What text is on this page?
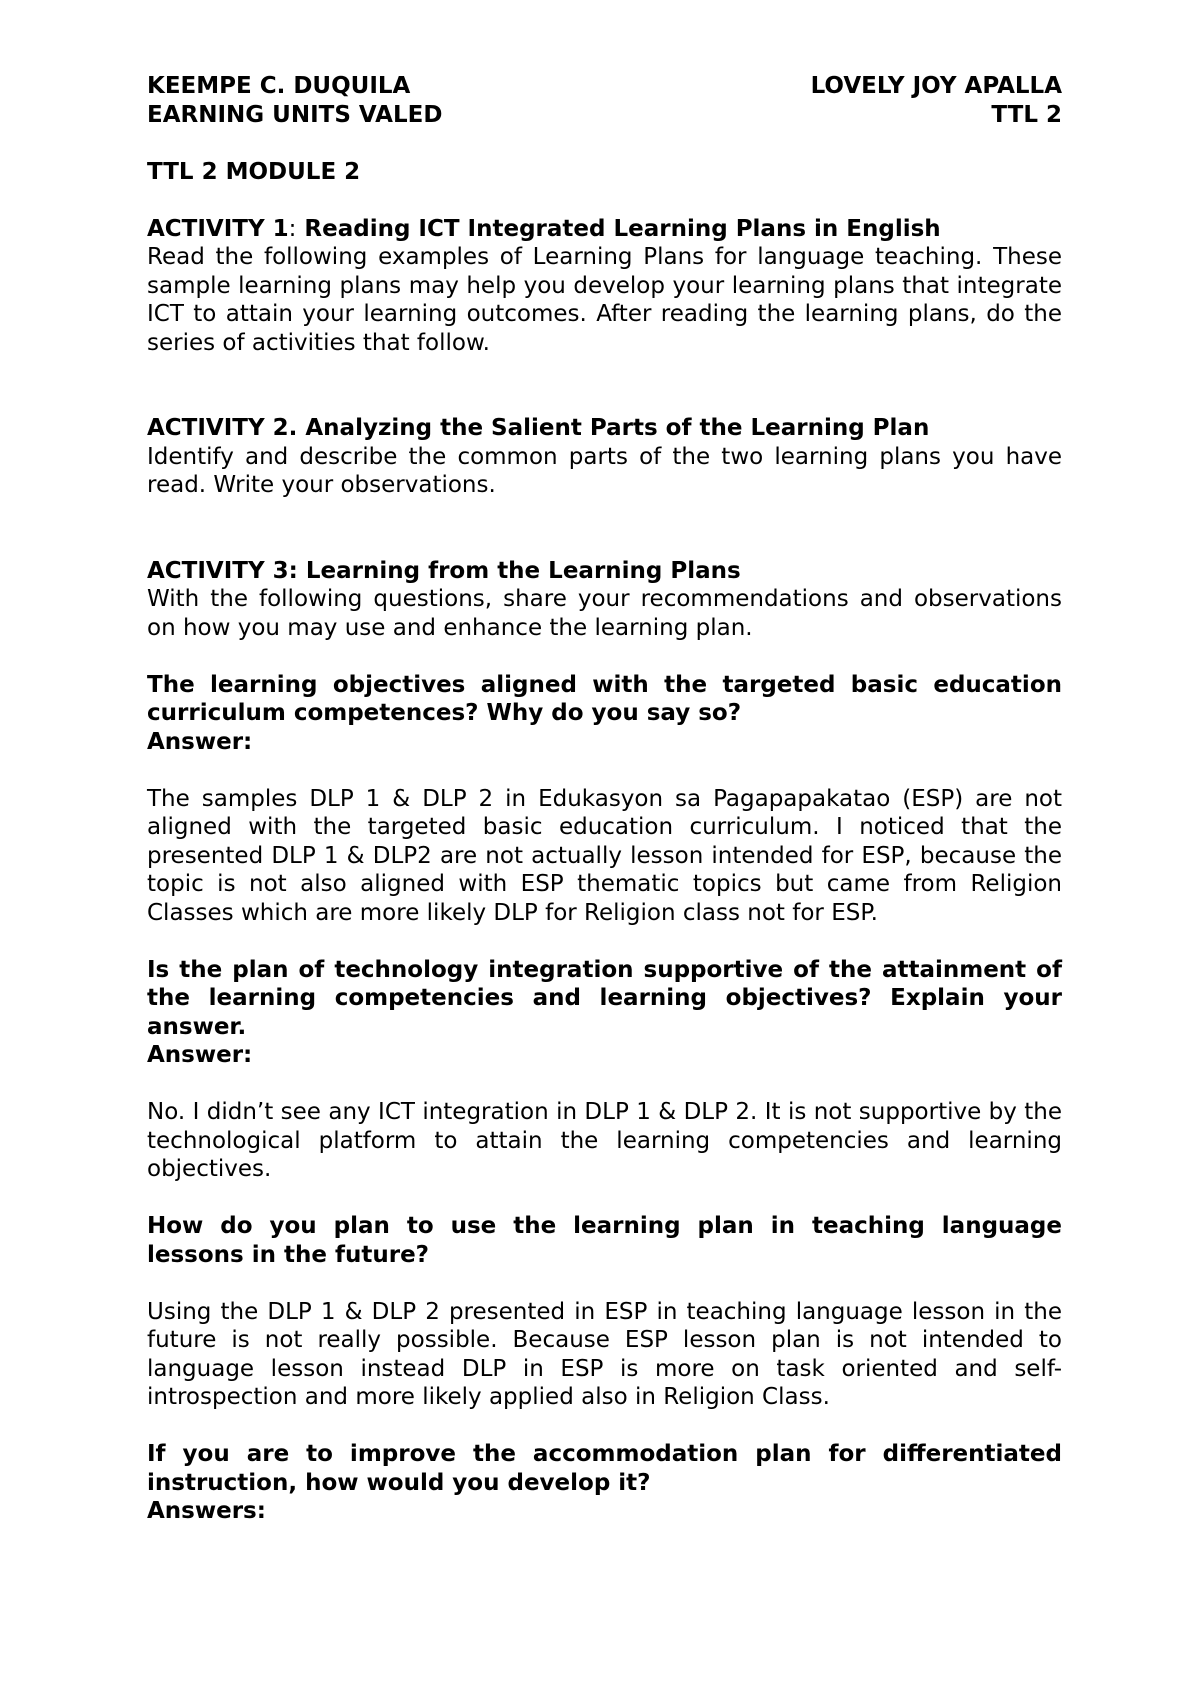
KEEMPE C. DUQUILA	LOVELY JOY APALLA
EARNING UNITS VALED	TTL 2

TTL 2 MODULE 2

ACTIVITY 1: Reading ICT Integrated Learning Plans in English

Read the following examples of Learning Plans for language teaching. These sample learning plans may help you develop your learning plans that integrate ICT to attain your learning outcomes. After reading the learning plans, do the series of activities that follow.

ACTIVITY 2. Analyzing the Salient Parts of the Learning Plan

Identify and describe the common parts of the two learning plans you have read. Write your observations.

ACTIVITY 3: Learning from the Learning Plans

With the following questions, share your recommendations and observations on how you may use and enhance the learning plan.

The learning objectives aligned with the targeted basic education curriculum competences? Why do you say so?

Answer:

The samples DLP 1 & DLP 2 in Edukasyon sa Pagapapakatao (ESP) are not aligned with the targeted basic education curriculum. I noticed that the presented DLP 1 & DLP2 are not actually lesson intended for ESP, because the topic is not also aligned with ESP thematic topics but came from Religion Classes which are more likely DLP for Religion class not for ESP.

Is the plan of technology integration supportive of the attainment of the learning competencies and learning objectives? Explain your answer.

Answer:

No. I didn’t see any ICT integration in DLP 1 & DLP 2. It is not supportive by the technological platform to attain the learning competencies and learning objectives.

How do you plan to use the learning plan in teaching language lessons in the future?

Using the DLP 1 & DLP 2 presented in ESP in teaching language lesson in the future is not really possible. Because ESP lesson plan is not intended to language lesson instead DLP in ESP is more on task oriented and self-introspection and more likely applied also in Religion Class.

If you are to improve the accommodation plan for differentiated instruction, how would you develop it?

Answers:
